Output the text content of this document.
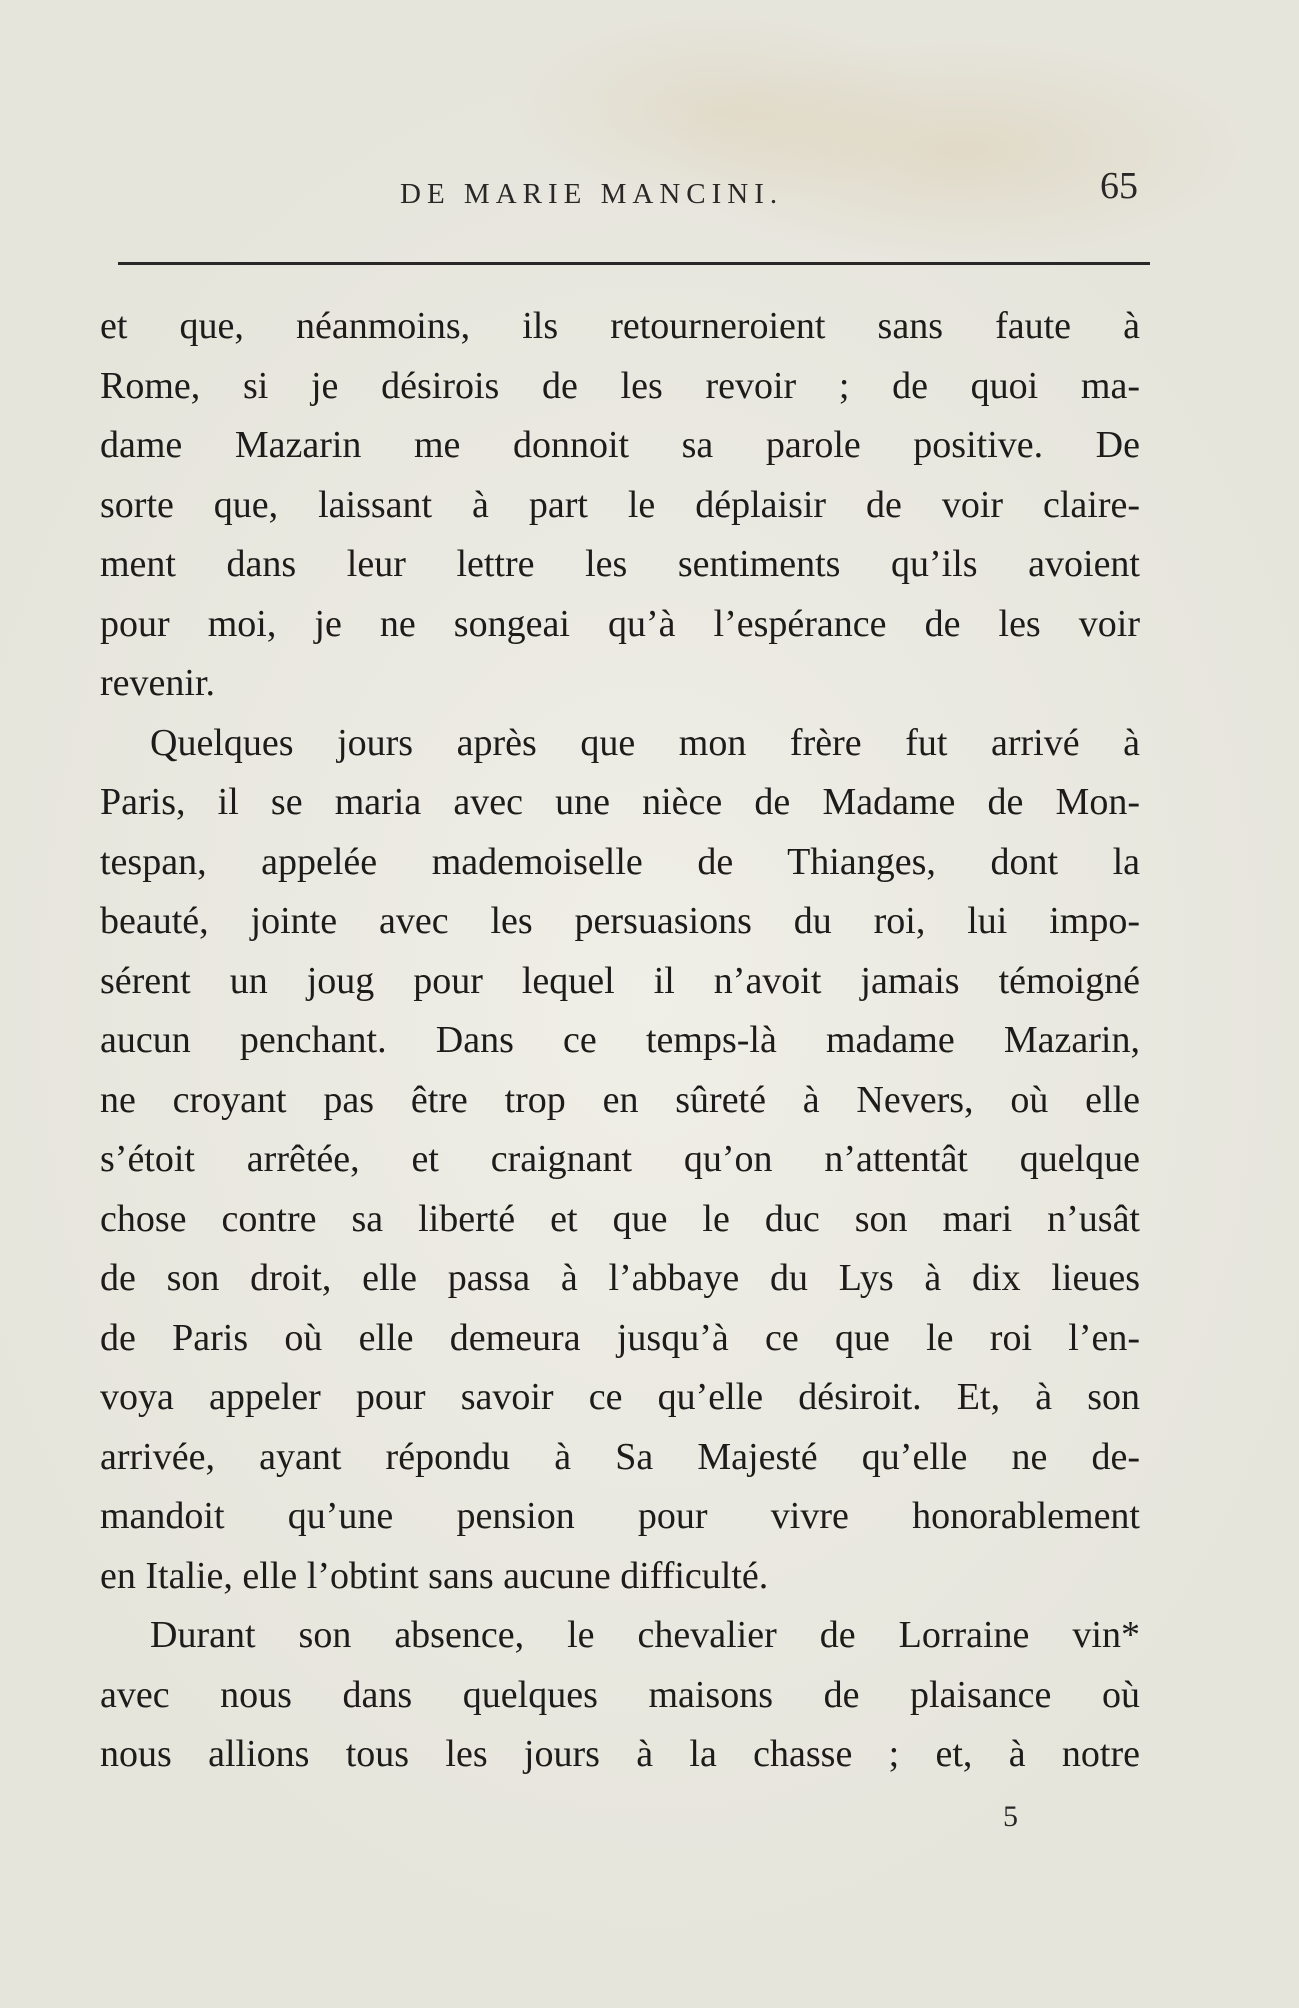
DE MARIE MANCINI.	65
et que, néanmoins, ils retourneroient sans faute à
Rome, si je désirois de les revoir ; de quoi ma-
dame Mazarin me donnoit sa parole positive. De
sorte que, laissant à part le déplaisir de voir claire-
ment dans leur lettre les sentiments qu’ils avoient
pour moi, je ne songeai qu’à l’espérance de les voir
revenir.
Quelques jours après que mon frère fut arrivé à
Paris, il se maria avec une nièce de Madame de Mon-
tespan, appelée mademoiselle de Thianges, dont la
beauté, jointe avec les persuasions du roi, lui impo-
sérent un joug pour lequel il n’avoit jamais témoigné
aucun penchant. Dans ce temps-là madame Mazarin,
ne croyant pas être trop en sûreté à Nevers, où elle
s’étoit arrêtée, et craignant qu’on n’attentât quelque
chose contre sa liberté et que le duc son mari n’usât
de son droit, elle passa à l’abbaye du Lys à dix lieues
de Paris où elle demeura jusqu’à ce que le roi l’en-
voya appeler pour savoir ce qu’elle désiroit. Et, à son
arrivée, ayant répondu à Sa Majesté qu’elle ne de-
mandoit qu’une pension pour vivre honorablement
en Italie, elle l’obtint sans aucune difficulté.
Durant son absence, le chevalier de Lorraine vin*
avec nous dans quelques maisons de plaisance où
nous allions tous les jours à la chasse ; et, à notre
5
